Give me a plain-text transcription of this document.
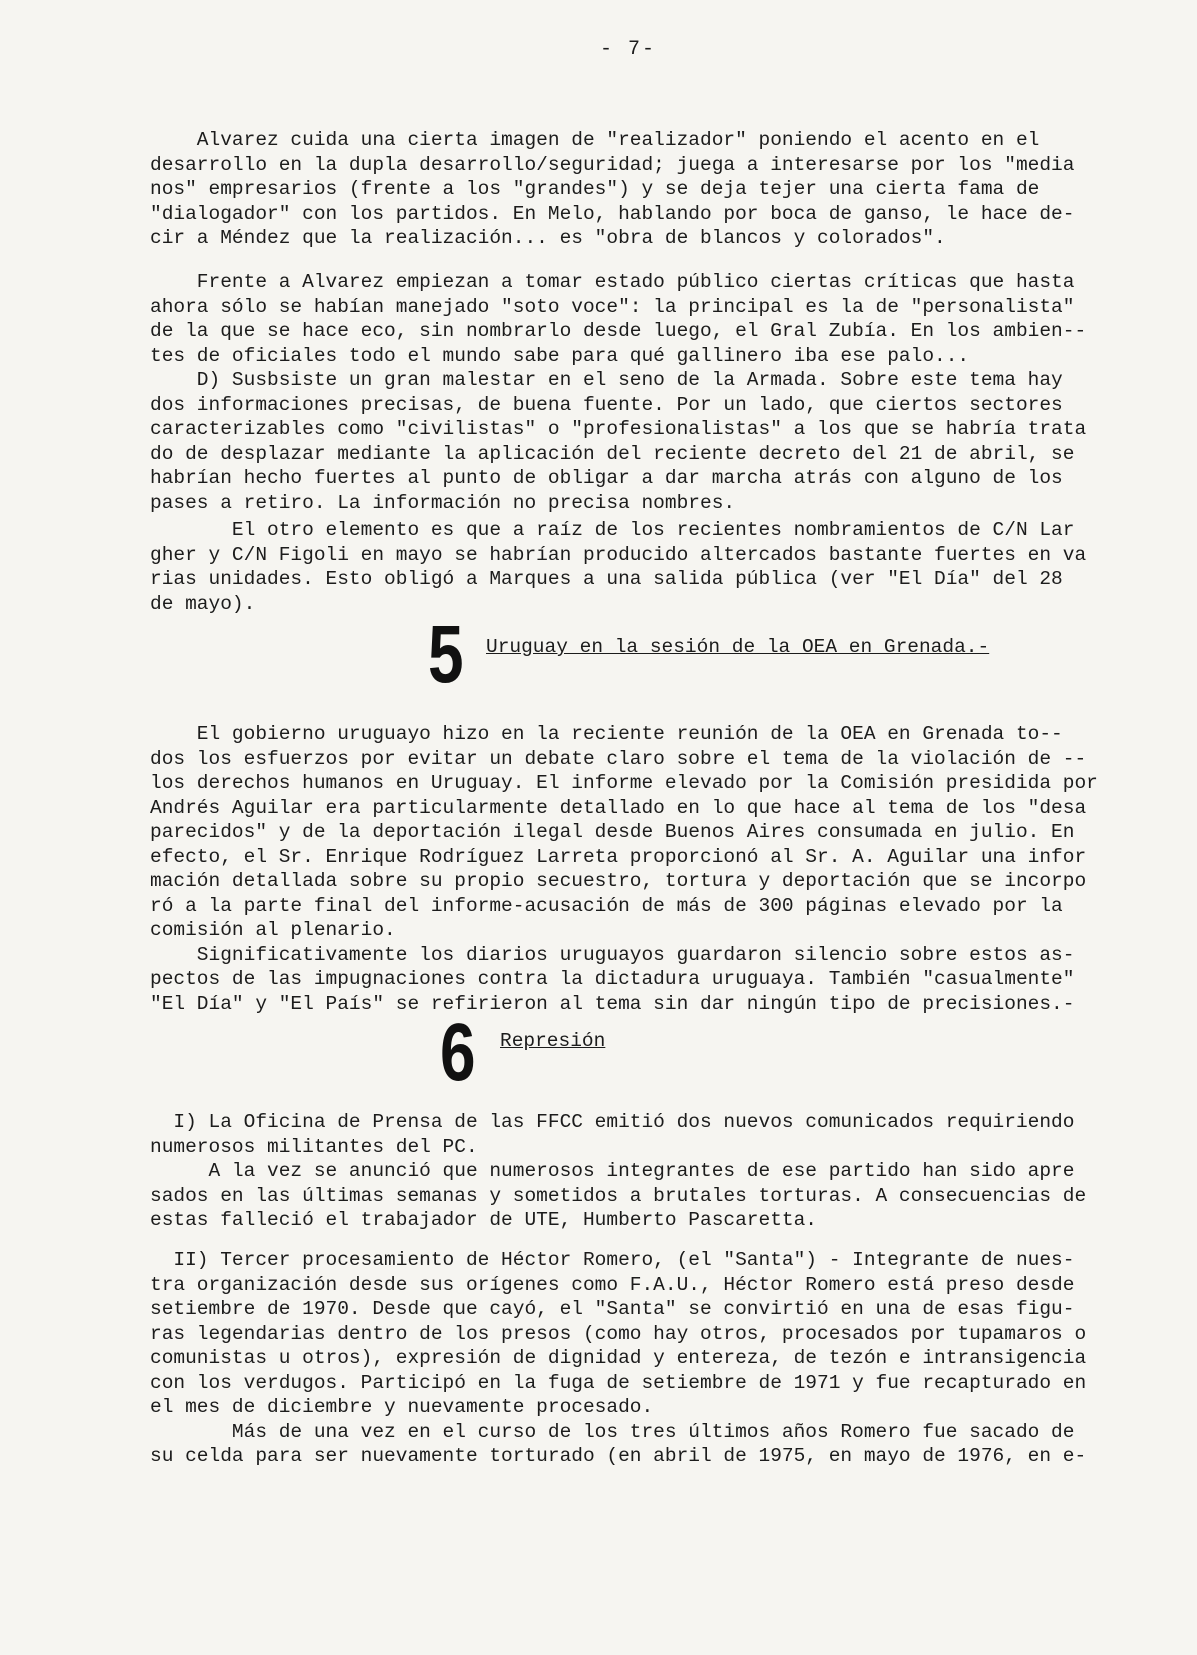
- 7-

Alvarez cuida una cierta imagen de "realizador" poniendo el acento en el
desarrollo en la dupla desarrollo/seguridad; juega a interesarse por los "media
nos" empresarios (frente a los "grandes") y se deja tejer una cierta fama de
"dialogador" con los partidos. En Melo, hablando por boca de ganso, le hace de-
cir a Méndez que la realización... es "obra de blancos y colorados".

Frente a Alvarez empiezan a tomar estado público ciertas críticas que hasta
ahora sólo se habían manejado "soto voce": la principal es la de "personalista"
de la que se hace eco, sin nombrarlo desde luego, el Gral Zubía. En los ambien--
tes de oficiales todo el mundo sabe para qué gallinero iba ese palo...

D) Susbsiste un gran malestar en el seno de la Armada. Sobre este tema hay
dos informaciones precisas, de buena fuente. Por un lado, que ciertos sectores
caracterizables como "civilistas" o "profesionalistas" a los que se habría trata
do de desplazar mediante la aplicación del reciente decreto del 21 de abril, se
habrían hecho fuertes al punto de obligar a dar marcha atrás con alguno de los
pases a retiro. La información no precisa nombres.

El otro elemento es que a raíz de los recientes nombramientos de C/N Lar
gher y C/N Figoli en mayo se habrían producido altercados bastante fuertes en va
rias unidades. Esto obligó a Marques a una salida pública (ver "El Día" del 28
de mayo).

5 Uruguay en la sesión de la OEA en Grenada.-

El gobierno uruguayo hizo en la reciente reunión de la OEA en Grenada to--
dos los esfuerzos por evitar un debate claro sobre el tema de la violación de --
los derechos humanos en Uruguay. El informe elevado por la Comisión presidida por
Andrés Aguilar era particularmente detallado en lo que hace al tema de los "desa
parecidos" y de la deportación ilegal desde Buenos Aires consumada en julio. En
efecto, el Sr. Enrique Rodríguez Larreta proporcionó al Sr. A. Aguilar una infor
mación detallada sobre su propio secuestro, tortura y deportación que se incorpo
ró a la parte final del informe-acusación de más de 300 páginas elevado por la
comisión al plenario.
Significativamente los diarios uruguayos guardaron silencio sobre estos as-
pectos de las impugnaciones contra la dictadura uruguaya. También "casualmente"
"El Día" y "El País" se refirieron al tema sin dar ningún tipo de precisiones.-

6 Represión

I) La Oficina de Prensa de las FFCC emitió dos nuevos comunicados requiriendo
numerosos militantes del PC.
A la vez se anunció que numerosos integrantes de ese partido han sido apre
sados en las últimas semanas y sometidos a brutales torturas. A consecuencias de
estas falleció el trabajador de UTE, Humberto Pascaretta.

II) Tercer procesamiento de Héctor Romero, (el "Santa") - Integrante de nues-
tra organización desde sus orígenes como F.A.U., Héctor Romero está preso desde
setiembre de 1970. Desde que cayó, el "Santa" se convirtió en una de esas figu-
ras legendarias dentro de los presos (como hay otros, procesados por tupamaros o
comunistas u otros), expresión de dignidad y entereza, de tezón e intransigencia
con los verdugos. Participó en la fuga de setiembre de 1971 y fue recapturado en
el mes de diciembre y nuevamente procesado.
Más de una vez en el curso de los tres últimos años Romero fue sacado de
su celda para ser nuevamente torturado (en abril de 1975, en mayo de 1976, en e-
